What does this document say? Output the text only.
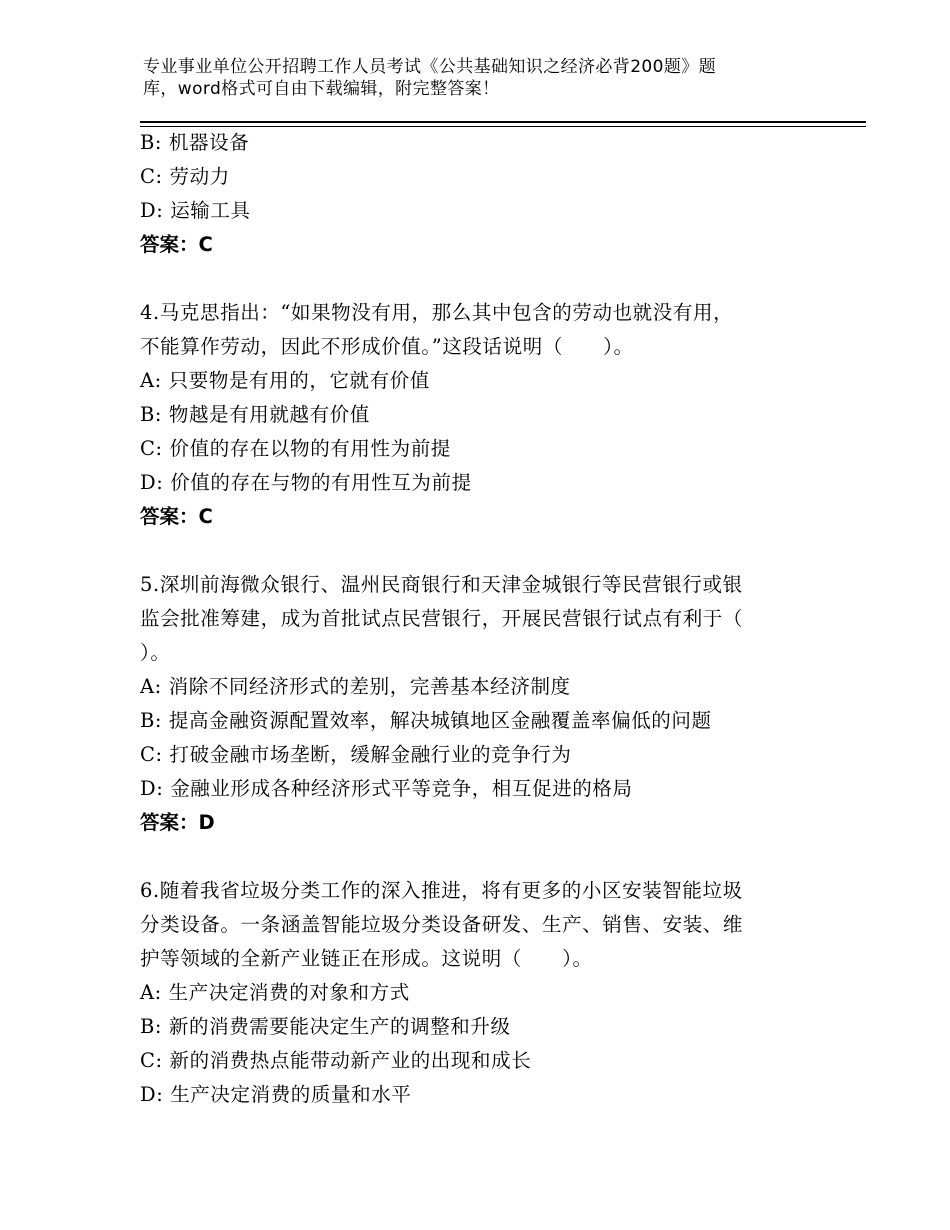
专业事业单位公开招聘工作人员考试《公共基础知识之经济必背200题》题
库，word格式可自由下载编辑，附完整答案！
B: 机器设备
C: 劳动力
D: 运输工具
答案：C
4.马克思指出：“如果物没有用，那么其中包含的劳动也就没有用，
不能算作劳动，因此不形成价值。”这段话说明（　　）。
A: 只要物是有用的，它就有价值
B: 物越是有用就越有价值
C: 价值的存在以物的有用性为前提
D: 价值的存在与物的有用性互为前提
答案：C
5.深圳前海微众银行、温州民商银行和天津金城银行等民营银行或银
监会批准筹建，成为首批试点民营银行，开展民营银行试点有利于（
）。
A: 消除不同经济形式的差别，完善基本经济制度
B: 提高金融资源配置效率，解决城镇地区金融覆盖率偏低的问题
C: 打破金融市场垄断，缓解金融行业的竞争行为
D: 金融业形成各种经济形式平等竞争，相互促进的格局
答案：D
6.随着我省垃圾分类工作的深入推进，将有更多的小区安装智能垃圾
分类设备。一条涵盖智能垃圾分类设备研发、生产、销售、安装、维
护等领域的全新产业链正在形成。这说明（　　）。
A: 生产决定消费的对象和方式
B: 新的消费需要能决定生产的调整和升级
C: 新的消费热点能带动新产业的出现和成长
D: 生产决定消费的质量和水平
